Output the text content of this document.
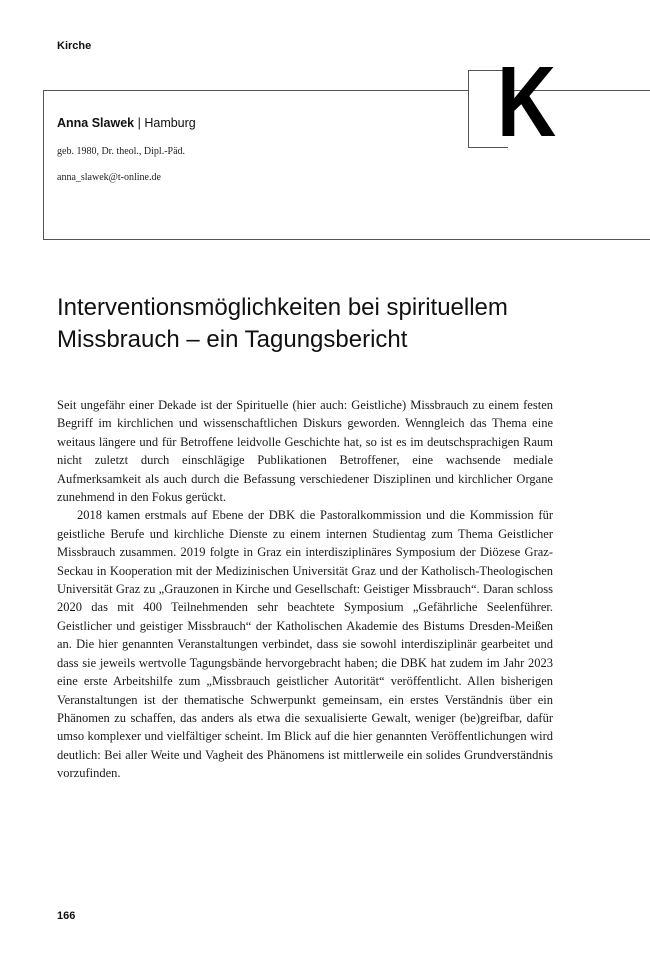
Kirche
Anna Slawek | Hamburg
geb. 1980, Dr. theol., Dipl.-Päd.
anna_slawek@t-online.de
K
Interventionsmöglichkeiten bei spirituellem
Missbrauch – ein Tagungsbericht

Seit ungefähr einer Dekade ist der Spirituelle (hier auch: Geistliche) Missbrauch zu einem festen Begriff im kirchlichen und wissenschaftlichen Diskurs geworden. Wenngleich das Thema eine weitaus längere und für Betroffene leidvolle Geschichte hat, so ist es im deutschsprachigen Raum nicht zuletzt durch einschlägige Publikationen Betroffener, eine wachsende mediale Aufmerksamkeit als auch durch die Befassung verschiedener Disziplinen und kirchlicher Organe zunehmend in den Fokus gerückt.

2018 kamen erstmals auf Ebene der DBK die Pastoralkommission und die Kommission für geistliche Berufe und kirchliche Dienste zu einem internen Studientag zum Thema Geistlicher Missbrauch zusammen. 2019 folgte in Graz ein interdisziplinäres Symposium der Diözese Graz-Seckau in Kooperation mit der Medizinischen Universität Graz und der Katholisch-Theologischen Universität Graz zu „Grauzonen in Kirche und Gesellschaft: Geistiger Missbrauch“. Daran schloss 2020 das mit 400 Teilnehmenden sehr beachtete Symposium „Gefährliche Seelenführer. Geistlicher und geistiger Missbrauch“ der Katholischen Akademie des Bistums Dresden-Meißen an. Die hier genannten Veranstaltungen verbindet, dass sie sowohl interdisziplinär gearbeitet und dass sie jeweils wertvolle Tagungsbände hervorgebracht haben; die DBK hat zudem im Jahr 2023 eine erste Arbeitshilfe zum „Missbrauch geistlicher Autorität“ veröffentlicht. Allen bisherigen Veranstaltungen ist der thematische Schwerpunkt gemeinsam, ein erstes Verständnis über ein Phänomen zu schaffen, das anders als etwa die sexualisierte Gewalt, weniger (be)greifbar, dafür umso komplexer und vielfältiger scheint. Im Blick auf die hier genannten Veröffentlichungen wird deutlich: Bei aller Weite und Vagheit des Phänomens ist mittlerweile ein solides Grundverständnis vorzufinden.

166
